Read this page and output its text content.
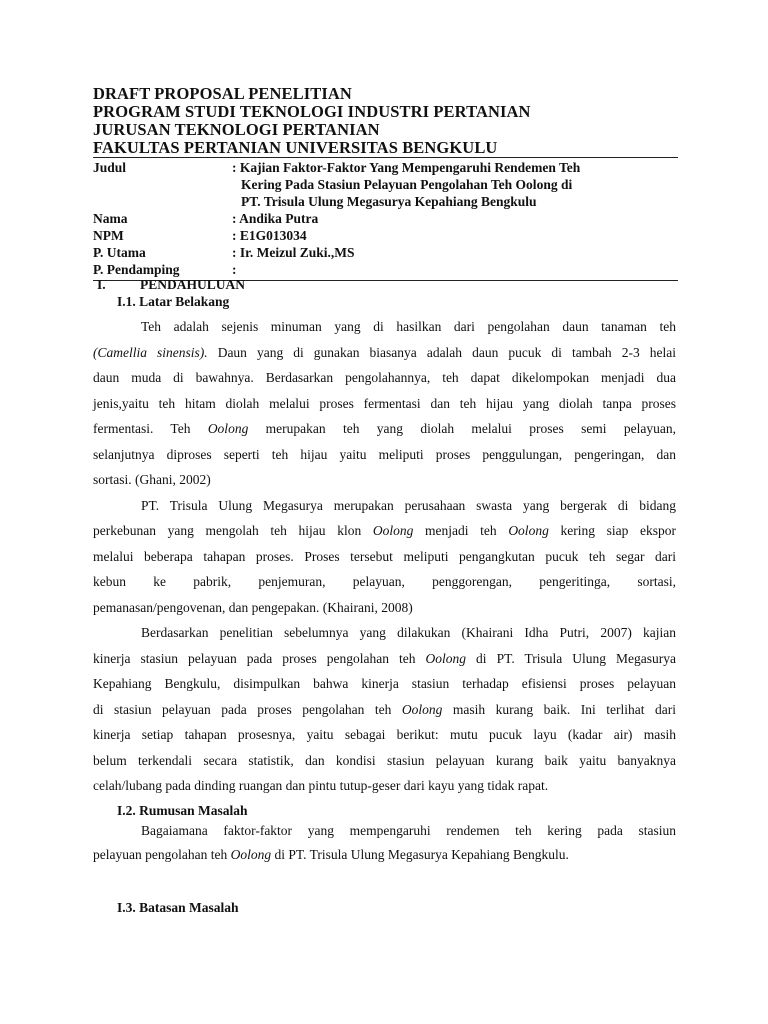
DRAFT PROPOSAL PENELITIAN
PROGRAM STUDI TEKNOLOGI INDUSTRI PERTANIAN
JURUSAN TEKNOLOGI PERTANIAN
FAKULTAS PERTANIAN UNIVERSITAS BENGKULU
Judul	: Kajian Faktor-Faktor Yang Mempengaruhi Rendemen Teh
Kering Pada Stasiun Pelayuan Pengolahan Teh Oolong di
PT. Trisula Ulung Megasurya Kepahiang Bengkulu
Nama	: Andika Putra
NPM	: E1G013034
P. Utama	: Ir. Meizul Zuki.,MS
P. Pendamping	:
I.	PENDAHULUAN
I.1. Latar Belakang
Teh adalah sejenis minuman yang di hasilkan dari pengolahan daun tanaman teh
(Camellia sinensis). Daun yang di gunakan biasanya adalah daun pucuk di tambah 2-3 helai
daun muda di bawahnya. Berdasarkan pengolahannya, teh dapat dikelompokan menjadi dua
jenis,yaitu teh hitam diolah melalui proses fermentasi dan teh hijau yang diolah tanpa proses
fermentasi. Teh Oolong merupakan teh yang diolah melalui proses semi pelayuan,
selanjutnya diproses seperti teh hijau yaitu meliputi proses penggulungan, pengeringan, dan
sortasi. (Ghani, 2002)
PT. Trisula Ulung Megasurya merupakan perusahaan swasta yang bergerak di bidang
perkebunan yang mengolah teh hijau klon Oolong menjadi teh Oolong kering siap ekspor
melalui beberapa tahapan proses. Proses tersebut meliputi pengangkutan pucuk teh segar dari
kebun ke pabrik, penjemuran, pelayuan, penggorengan, pengeritinga, sortasi,
pemanasan/pengovenan, dan pengepakan. (Khairani, 2008)
Berdasarkan penelitian sebelumnya yang dilakukan (Khairani Idha Putri, 2007) kajian
kinerja stasiun pelayuan pada proses pengolahan teh Oolong di PT. Trisula Ulung Megasurya
Kepahiang Bengkulu, disimpulkan bahwa kinerja stasiun terhadap efisiensi proses pelayuan
di stasiun pelayuan pada proses pengolahan teh Oolong masih kurang baik. Ini terlihat dari
kinerja setiap tahapan prosesnya, yaitu sebagai berikut: mutu pucuk layu (kadar air) masih
belum terkendali secara statistik, dan kondisi stasiun pelayuan kurang baik yaitu banyaknya
celah/lubang pada dinding ruangan dan pintu tutup-geser dari kayu yang tidak rapat.
I.2. Rumusan Masalah
Bagaiamana faktor-faktor yang mempengaruhi rendemen teh kering pada stasiun
pelayuan pengolahan teh Oolong di PT. Trisula Ulung Megasurya Kepahiang Bengkulu.
I.3. Batasan Masalah
